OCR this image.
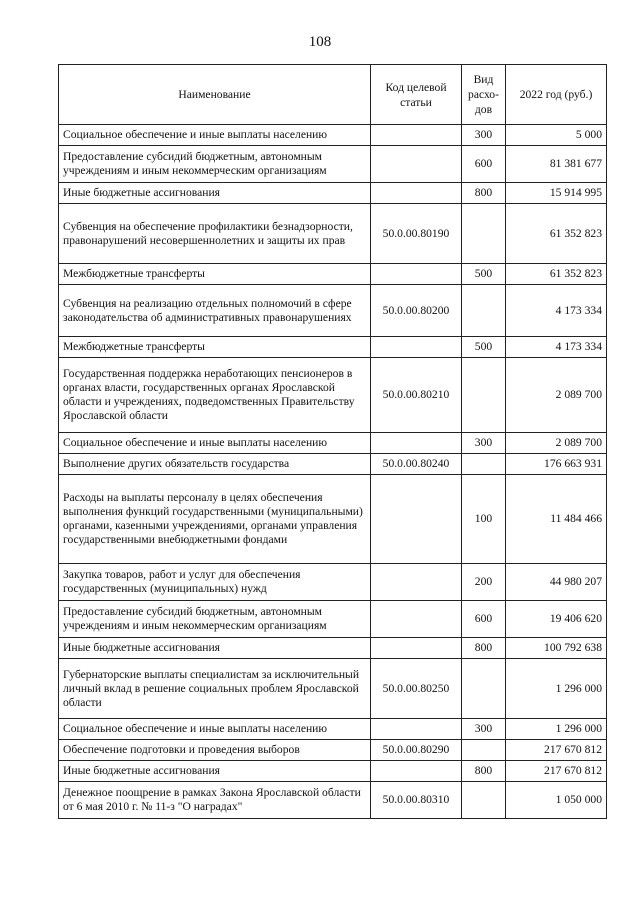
108
Наименование	Код целевой статьи	Вид расхо-дов	2022 год (руб.)
Социальное обеспечение и иные выплаты населению		300	5 000
Предоставление субсидий бюджетным, автономным учреждениям и иным некоммерческим организациям		600	81 381 677
Иные бюджетные ассигнования		800	15 914 995
Субвенция на обеспечение профилактики безнадзорности, правонарушений несовершеннолетних и защиты их прав	50.0.00.80190		61 352 823
Межбюджетные трансферты		500	61 352 823
Субвенция на реализацию отдельных полномочий в сфере законодательства об административных правонарушениях	50.0.00.80200		4 173 334
Межбюджетные трансферты		500	4 173 334
Государственная поддержка неработающих пенсионеров в органах власти, государственных органах Ярославской области и учреждениях, подведомственных Правительству Ярославской области	50.0.00.80210		2 089 700
Социальное обеспечение и иные выплаты населению		300	2 089 700
Выполнение других обязательств государства	50.0.00.80240		176 663 931
Расходы на выплаты персоналу в целях обеспечения выполнения функций государственными (муниципальными) органами, казенными учреждениями, органами управления государственными внебюджетными фондами		100	11 484 466
Закупка товаров, работ и услуг для обеспечения государственных (муниципальных) нужд		200	44 980 207
Предоставление субсидий бюджетным, автономным учреждениям и иным некоммерческим организациям		600	19 406 620
Иные бюджетные ассигнования		800	100 792 638
Губернаторские выплаты специалистам за исключительный личный вклад в решение социальных проблем Ярославской области	50.0.00.80250		1 296 000
Социальное обеспечение и иные выплаты населению		300	1 296 000
Обеспечение подготовки и проведения выборов	50.0.00.80290		217 670 812
Иные бюджетные ассигнования		800	217 670 812
Денежное поощрение в рамках Закона Ярославской области от 6 мая 2010 г. № 11-з "О наградах"	50.0.00.80310		1 050 000
